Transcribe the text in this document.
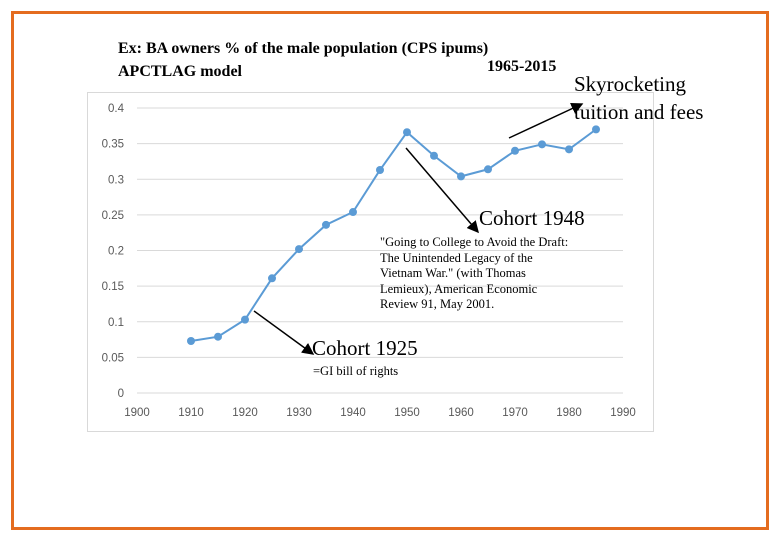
Ex: BA owners % of the male population (CPS ipums)
1965-2015
APCTLAG model
0
0.05
0.1
0.15
0.2
0.25
0.3
0.35
0.4
1900 1910 1920 1930 1940 1950 1960 1970 1980 1990
Skyrocketing
tuition and fees
Cohort 1948
"Going to College to Avoid the Draft:
The Unintended Legacy of the
Vietnam War." (with Thomas
Lemieux), American Economic
Review 91, May 2001.
Cohort 1925
=GI bill of rights
